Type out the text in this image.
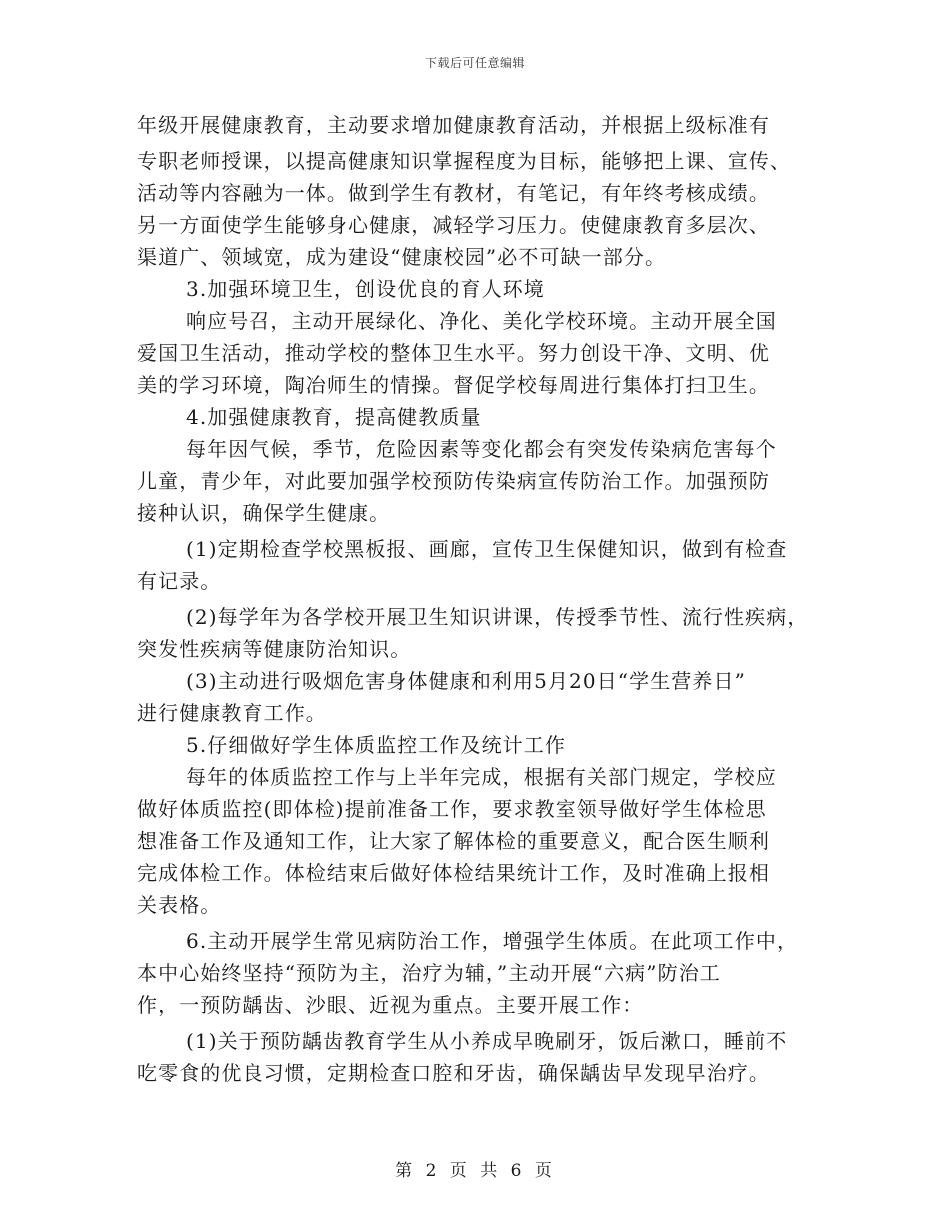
下载后可任意编辑
年级开展健康教育，主动要求增加健康教育活动，并根据上级标准有
专职老师授课，以提高健康知识掌握程度为目标，能够把上课、宣传、
活动等内容融为一体。做到学生有教材，有笔记，有年终考核成绩。
另一方面使学生能够身心健康，减轻学习压力。使健康教育多层次、
渠道广、领域宽，成为建设“健康校园”必不可缺一部分。
3.加强环境卫生，创设优良的育人环境
响应号召，主动开展绿化、净化、美化学校环境。主动开展全国
爱国卫生活动，推动学校的整体卫生水平。努力创设干净、文明、优
美的学习环境，陶冶师生的情操。督促学校每周进行集体打扫卫生。
4.加强健康教育，提高健教质量
每年因气候，季节，危险因素等变化都会有突发传染病危害每个
儿童，青少年，对此要加强学校预防传染病宣传防治工作。加强预防
接种认识，确保学生健康。
(1)定期检查学校黑板报、画廊，宣传卫生保健知识，做到有检查
有记录。
(2)每学年为各学校开展卫生知识讲课，传授季节性、流行性疾病，
突发性疾病等健康防治知识。
(3)主动进行吸烟危害身体健康和利用5月20日“学生营养日”
进行健康教育工作。
5.仔细做好学生体质监控工作及统计工作
每年的体质监控工作与上半年完成，根据有关部门规定，学校应
做好体质监控(即体检)提前准备工作，要求教室领导做好学生体检思
想准备工作及通知工作，让大家了解体检的重要意义，配合医生顺利
完成体检工作。体检结束后做好体检结果统计工作，及时准确上报相
关表格。
6.主动开展学生常见病防治工作，增强学生体质。在此项工作中，
本中心始终坚持“预防为主，治疗为辅，”主动开展“六病”防治工
作，一预防龋齿、沙眼、近视为重点。主要开展工作：
(1)关于预防龋齿教育学生从小养成早晚刷牙，饭后漱口，睡前不
吃零食的优良习惯，定期检查口腔和牙齿，确保龋齿早发现早治疗。
第 2 页 共 6 页
